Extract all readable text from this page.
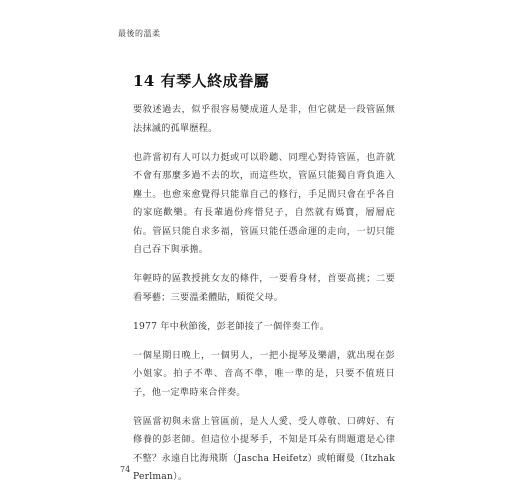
最後的溫柔
14 有琴人終成眷屬

要敘述過去，似乎很容易變成道人是非，但它就是一段管區無法抹滅的孤單歷程。

也許當初有人可以力挺或可以聆聽、同理心對待管區，也許就不會有那麼多過不去的坎，而這些坎，管區只能獨自背負進入塵土。也愈來愈覺得只能靠自己的修行，手足間只會在乎各自的家庭歡樂。有長輩過份疼惜兒子，自然就有媽寶，層層庇佑。管區只能自求多福，管區只能任憑命運的走向，一切只能自己吞下與承擔。

年輕時的區教授挑女友的條件，一要看身材，首要高挑；二要看琴藝；三要溫柔體貼，順從父母。

1977 年中秋節後，彭老師接了一個伴奏工作。

一個星期日晚上，一個男人，一把小提琴及樂譜，就出現在彭小姐家。拍子不準、音高不準，唯一準的是，只要不值班日子，他一定準時來合伴奏。

管區當初與未當上管區前，是人人愛、受人尊敬、口碑好、有修養的彭老師。但這位小提琴手，不知是耳朵有問題還是心律不整？永遠自比海飛斯（Jascha Heifetz）或帕爾曼（Itzhak Perlman）。

74
